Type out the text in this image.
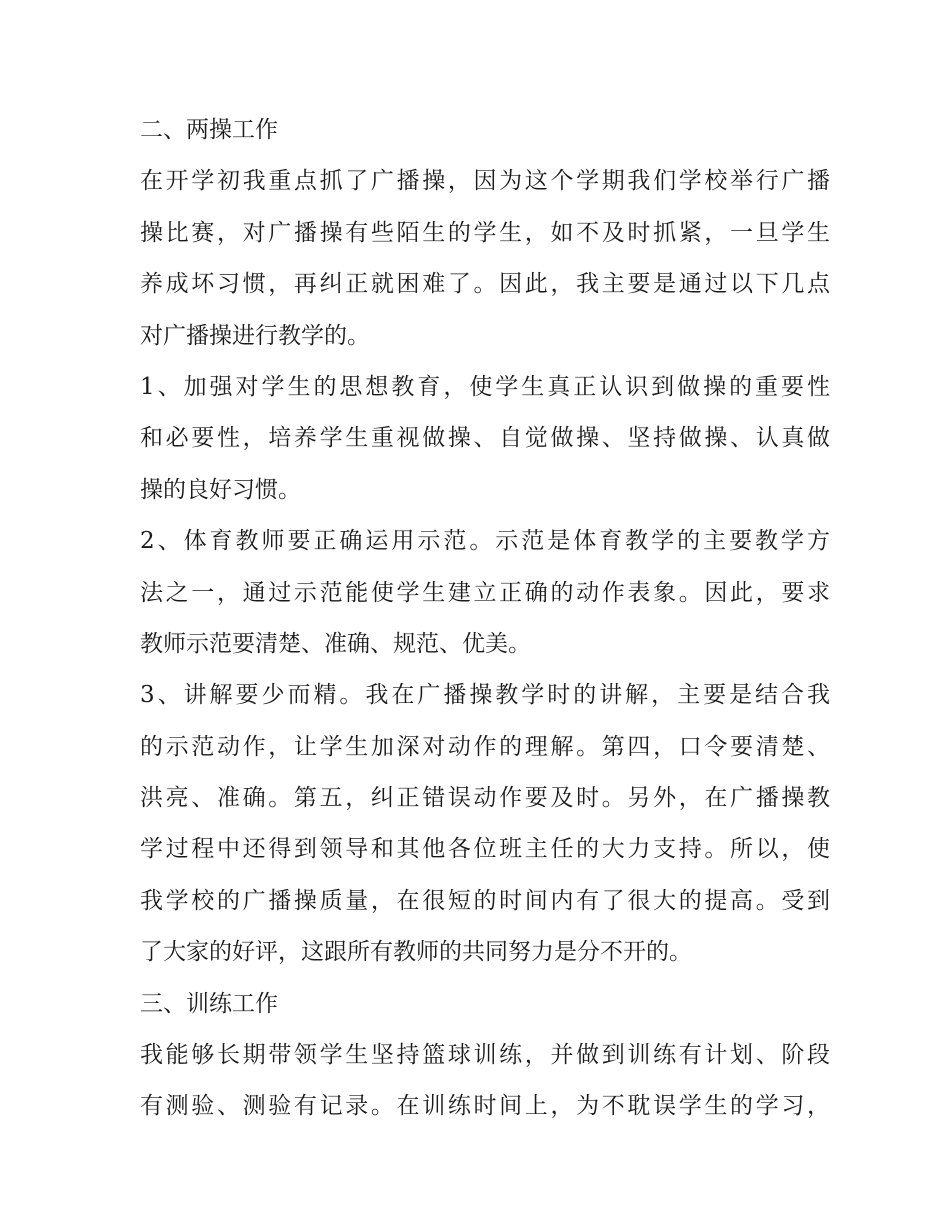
二、两操工作
在开学初我重点抓了广播操，因为这个学期我们学校举行广播
操比赛，对广播操有些陌生的学生，如不及时抓紧，一旦学生
养成坏习惯，再纠正就困难了。因此，我主要是通过以下几点
对广播操进行教学的。
1、加强对学生的思想教育，使学生真正认识到做操的重要性
和必要性，培养学生重视做操、自觉做操、坚持做操、认真做
操的良好习惯。
2、体育教师要正确运用示范。示范是体育教学的主要教学方
法之一，通过示范能使学生建立正确的动作表象。因此，要求
教师示范要清楚、准确、规范、优美。
3、讲解要少而精。我在广播操教学时的讲解，主要是结合我
的示范动作，让学生加深对动作的理解。第四，口令要清楚、
洪亮、准确。第五，纠正错误动作要及时。另外，在广播操教
学过程中还得到领导和其他各位班主任的大力支持。所以，使
我学校的广播操质量，在很短的时间内有了很大的提高。受到
了大家的好评，这跟所有教师的共同努力是分不开的。
三、训练工作
我能够长期带领学生坚持篮球训练，并做到训练有计划、阶段
有测验、测验有记录。在训练时间上，为不耽误学生的学习，
